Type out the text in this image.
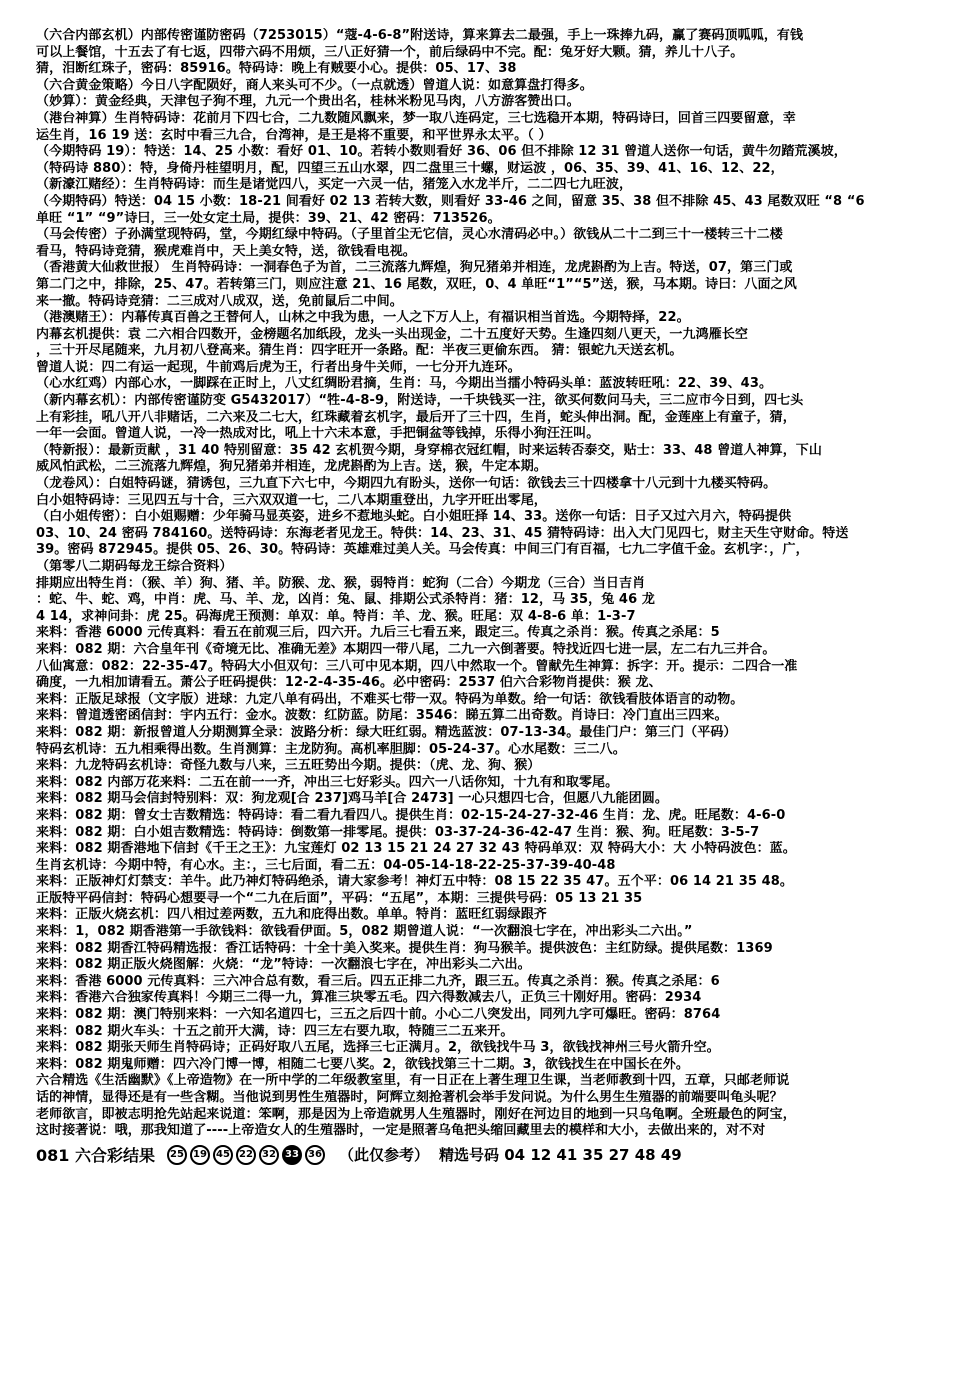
（六合内部玄机）内部传密谨防密码（7253015）“蔻-4-6-8”附送诗，算来算去二最强，手上一珠捧九码，赢了赛码顶呱呱，有钱
可以上餐馆，十五去了有七返，四带六码不用烦，三八正好猜一个，前后绿码中不完。配：兔牙好大颗。猜，养儿十八子。
猜，泪断红珠子，密码：85916。特码诗：晚上有贼要小心。提供：05、17、38
（六合黄金策略）今日八字配陨好，商人来头可不少。（一点就透）曾道人说：如意算盘打得多。
（妙算）：黄金经典，天津包子狗不理，九元一个贵出名，桂林米粉见马肉，八方游客赞出口。
（港台神算）生肖特码诗：花前月下四七合，二九数随风飘来，梦一取八连码定，三七选稳开本期，特码诗曰，回首三四要留意，幸
运生肖，16 19 送：玄时中看三九合，台湾神，是王是将不重要，和平世界永太平。（ ）
（今期特码 19）：特送：14、25 小数：看好 01、10。若转小数则看好 36、06 但不排除 12 31 曾道人送你一句话，黄牛勿踏荒溪坡，
（特码诗 880）：特，身倚丹桂望明月，配，四望三五山水翠，四二盘里三十螺，财运波 ，06、35、39、41、16、12、22，
（新濠江赌经）：生肖特码诗：而生是诸觉四八，买定一六灵一估，猪笼入水龙半斤，二二四七九旺波，
（今期特码）特送：04 15 小数：18-21 间看好 02 13 若转大数，则看好 33-46 之间，留意 35、38 但不排除 45、43 尾数双旺 “8 “6
单旺 “1” “9”诗曰，三一处女定土局，提供：39、21、42 密码：713526。
（马会传密）子孙满堂现特码，堂，今期红绿中特码。（子里首尘无它信，灵心水清码必中。）欲钱从二十二到三十一楼转三十二楼
看马，特码诗竞猜，猴虎难肖中，天上美女特，送，欲钱看电视。
（香港黄大仙救世报） 生肖特码诗：一洞春色子为首，二三流落九辉煌，狗兄猪弟并相连，龙虎斟酌为上吉。特送，07，第三门或
第二门之中，排除，25、47。若转第三门，则应注意 21、16 尾数，双旺，0、4 单旺“1”“5”送，猴，马本期。诗曰：八面之风
来一撤。特码诗竞猜：二三成对八成双，送，免前鼠后二中间。
（港澳赌王）：内幕传真百兽之王替何人，山林之中我为患，一人之下万人上，有福识相当首选。今期特择，22。
内幕玄机提供：袁 二六相合四数开，金榜题名加纸段，龙头一头出现金，二十五度好天势。生逢四刻八更天，一九鸿雁长空
，三十开尽尾随来，九月初八登高来。猜生肖：四字旺开一条路。配：半夜三更偷东西。 猜：银蛇九天送玄机。
曾道人说：四二有运一起现，牛前鸡后虎为王，行者出身牛关师，一七分开九连环。
（心水红鸡）内部心水，一脚踩在正时上，八丈红绸盼君摘，生肖：马，今期出当擂小特码头单：蓝波转旺吼：22、39、43。
（新内幕玄机）：内部传密谨防变 G5432017）“牲-4-8-9，附送诗，一千块钱买一注，欲买何数问马夫，三二应市今日到，四七头
上有彩挂，吼八开八非赌话，二六来及二七大，红珠藏着玄机字，最后开了三十四，生肖，蛇头伸出洞。配，金莲座上有童子，猜，
一年一会面。曾道人说，一冷一热成对比，吼上十六未本意，手把铜盆等钱掉，乐得小狗汪汪叫。
（特新报）：最新贡献 ，31 40 特别留意：35 42 玄机贺今期，身穿棉衣冠红帽，时来运转否泰交，贴士：33、48 曾道人神算，下山
威风怕武松，二三流落九辉煌，狗兄猪弟并相连，龙虎斟酌为上吉。送，猴，牛定本期。
（龙卷风）：白姐特码谜，猜诱包，三九直下六七中，今期四九有盼头，送你一句话：欲钱去三十四楼拿十八元到十九楼买特码。
白小姐特码诗：三见四五与十合，三六双双道一七，二八本期重登出，九字开旺出零尾，
（白小姐传密）：白小姐赐赠：少年骑马显英姿，进乡不惹地头蛇。白小姐旺择 14、33。送你一句话：日子又过六月六，特码提供
03、10、24 密码 784160。送特码诗：东海老者见龙王。特供：14、23、31、45 猜特码诗：出入大门见四七，财主天生守财命。特送
39。密码 872945。提供 05、26、30。特码诗：英雄难过美人关。马会传真：中间三门有百福，七九二字值千金。玄机字：，广，
（第零八二期码每龙王综合资料）
排期应出特生肖：（猴、羊）狗、猪、羊。防猴、龙、猴，弱特肖：蛇狗（二合）今期龙（三合）当日吉肖
：蛇、牛、蛇、鸡，中肖：虎、马、羊、龙，凶肖：兔、鼠、排期公式杀特肖：猪：12，马 35，兔 46 龙
4 14，求神问卦：虎 25。码海虎王预测：单双：单。特肖：羊、龙、猴。旺尾：双 4-8-6 单：1-3-7
来料：香港 6000 元传真料：看五在前观三后，四六开。九后三七看五来，跟定三。传真之杀肖：猴。传真之杀尾：5
来料：082 期：六合皇年刊《奇境无比、准确无差》本期四一带八尾，二九一六倒著要。特找近四七进一层，左二右九三并合。
八仙寓意：082：22-35-47。特码大小但双句：三八可中见本期，四八中然取一个。曾献先生神算：拆字：开。提示：二四合一准
确度，一九相加请看五。萧公子旺码提供：12-2-4-35-46。必中密码：2537 伯六合彩物肖提供：猴 龙、
来料：正版足球报（文字版）进球：九定八单有码出，不难买七带一双。特码为单数。给一句话：欲钱看肢体语言的动物。
来料：曾道透密函信封：宇内五行：金水。波数：红防蓝。防尾：3546：睇五算二出奇数。肖诗曰：冷门直出三四来。
来料：082 期：新报曾道人分期测算全录：波路分析：绿大旺红弱。精选蓝波：07-13-34。最佳门户：第三门（平码）
特码玄机诗：五九相乘得出数。生肖测算：主龙防狗。高机率胆脚：05-24-37。心水尾数：三二八。
来料：九龙特码玄机诗：奇怪九数与八来，三五旺势出今期。提供：（虎、龙、狗、猴）
来料：082 内部万花来料：二五在前一一齐，冲出三七好彩头。四六一八话你知，十九有和取零尾。
来料：082 期马会信封特别料：双：狗龙观[合 237]鸡马羊[合 2473] 一心只想四七合，但愿八九能团圆。
来料：082 期：曾女士吉数精选：特码诗：看二看九看四八。提供生肖：02-15-24-27-32-46 生肖：龙、虎。旺尾数：4-6-0
来料：082 期：白小姐吉数精选：特码诗：倒数第一排零尾。提供：03-37-24-36-42-47 生肖：猴、狗。旺尾数：3-5-7
来料：082 期香港地下信封《千王之王》：九宝莲灯 02 13 15 21 24 27 32 43 特码单双：双 特码大小：大 小特码波色：蓝。
生肖玄机诗：今期中特，有心水。主：，三七后面，看二五：04-05-14-18-22-25-37-39-40-48
来料：正版神灯灯禁支：羊牛。此乃神灯特码绝杀，请大家参考！神灯五中特：08 15 22 35 47。五个平：06 14 21 35 48。
正版特平码信封：特码心想要寻一个“二九在后面”，平码：“五尾”，本期：三提供号码：05 13 21 35
来料：正版火烧玄机：四八相过差两数，五九和庇得出数。单单。特肖：蓝旺红弱绿跟齐
来料：1，082 期香港第一手欲钱料：欲钱看伊面。5，082 期曾道人说：“一次翻浪七字在，冲出彩头二六出。”
来料：082 期香江特码精选报：香江话特码：十全十美入奖来。提供生肖：狗马猴羊。提供波色：主红防绿。提供尾数：1369
来料：082 期正版火烧图解：火烧：“龙”特诗：一次翻浪七字在，冲出彩头二六出。
来料：香港 6000 元传真料：三六冲合总有数，看三后。四五正排二九齐，跟三五。传真之杀肖：猴。传真之杀尾：6
来料：香港六合独家传真料！今期三二得一九，算准三块零五毛。四六得数减去八，正负三十刚好用。密码：2934
来料：082 期：澳门特别来料：一六知名道四七，三五之后四十前。小心二八突发出，同列九字可爆旺。密码：8764
来料：082 期火车头：十五之前开大满，诗：四三左右要九取，特随三二五来开。
来料：082 期张天师生肖特码诗；正码好取八五尾，选择三七正满月。2，欲钱找牛马 3，欲钱找神州三号火箭升空。
来料：082 期鬼师赠：四六冷门博一博，相随二七要八奖。2，欲钱找第三十二期。3，欲钱找生在中国长在外。
六合精选《生活幽默》《上帝造物》在一所中学的二年级教室里，有一日正在上著生理卫生课，当老师教到十四，五章，只邮老师说
话的神情，显得还是有一些含糊。当他说到男性生殖器时，阿辉立刻抢著机会举手发问说。为什么男生生殖器的前端要叫龟头呢？
老师欲言，即被志明抢先站起来说道：笨啊，那是因为上帝造就男人生殖器时，刚好在河边目的地到一只乌龟啊。全班最色的阿宝，
这时接著说：哦，那我知道了----上帝造女人的生殖器时，一定是照著乌龟把头缩回藏里去的模样和大小，去做出来的，对不对
081 六合彩结果	25 19 45 22 32 33 36 （此仅参考） 精选号码 04 12 41 35 27 48 49
